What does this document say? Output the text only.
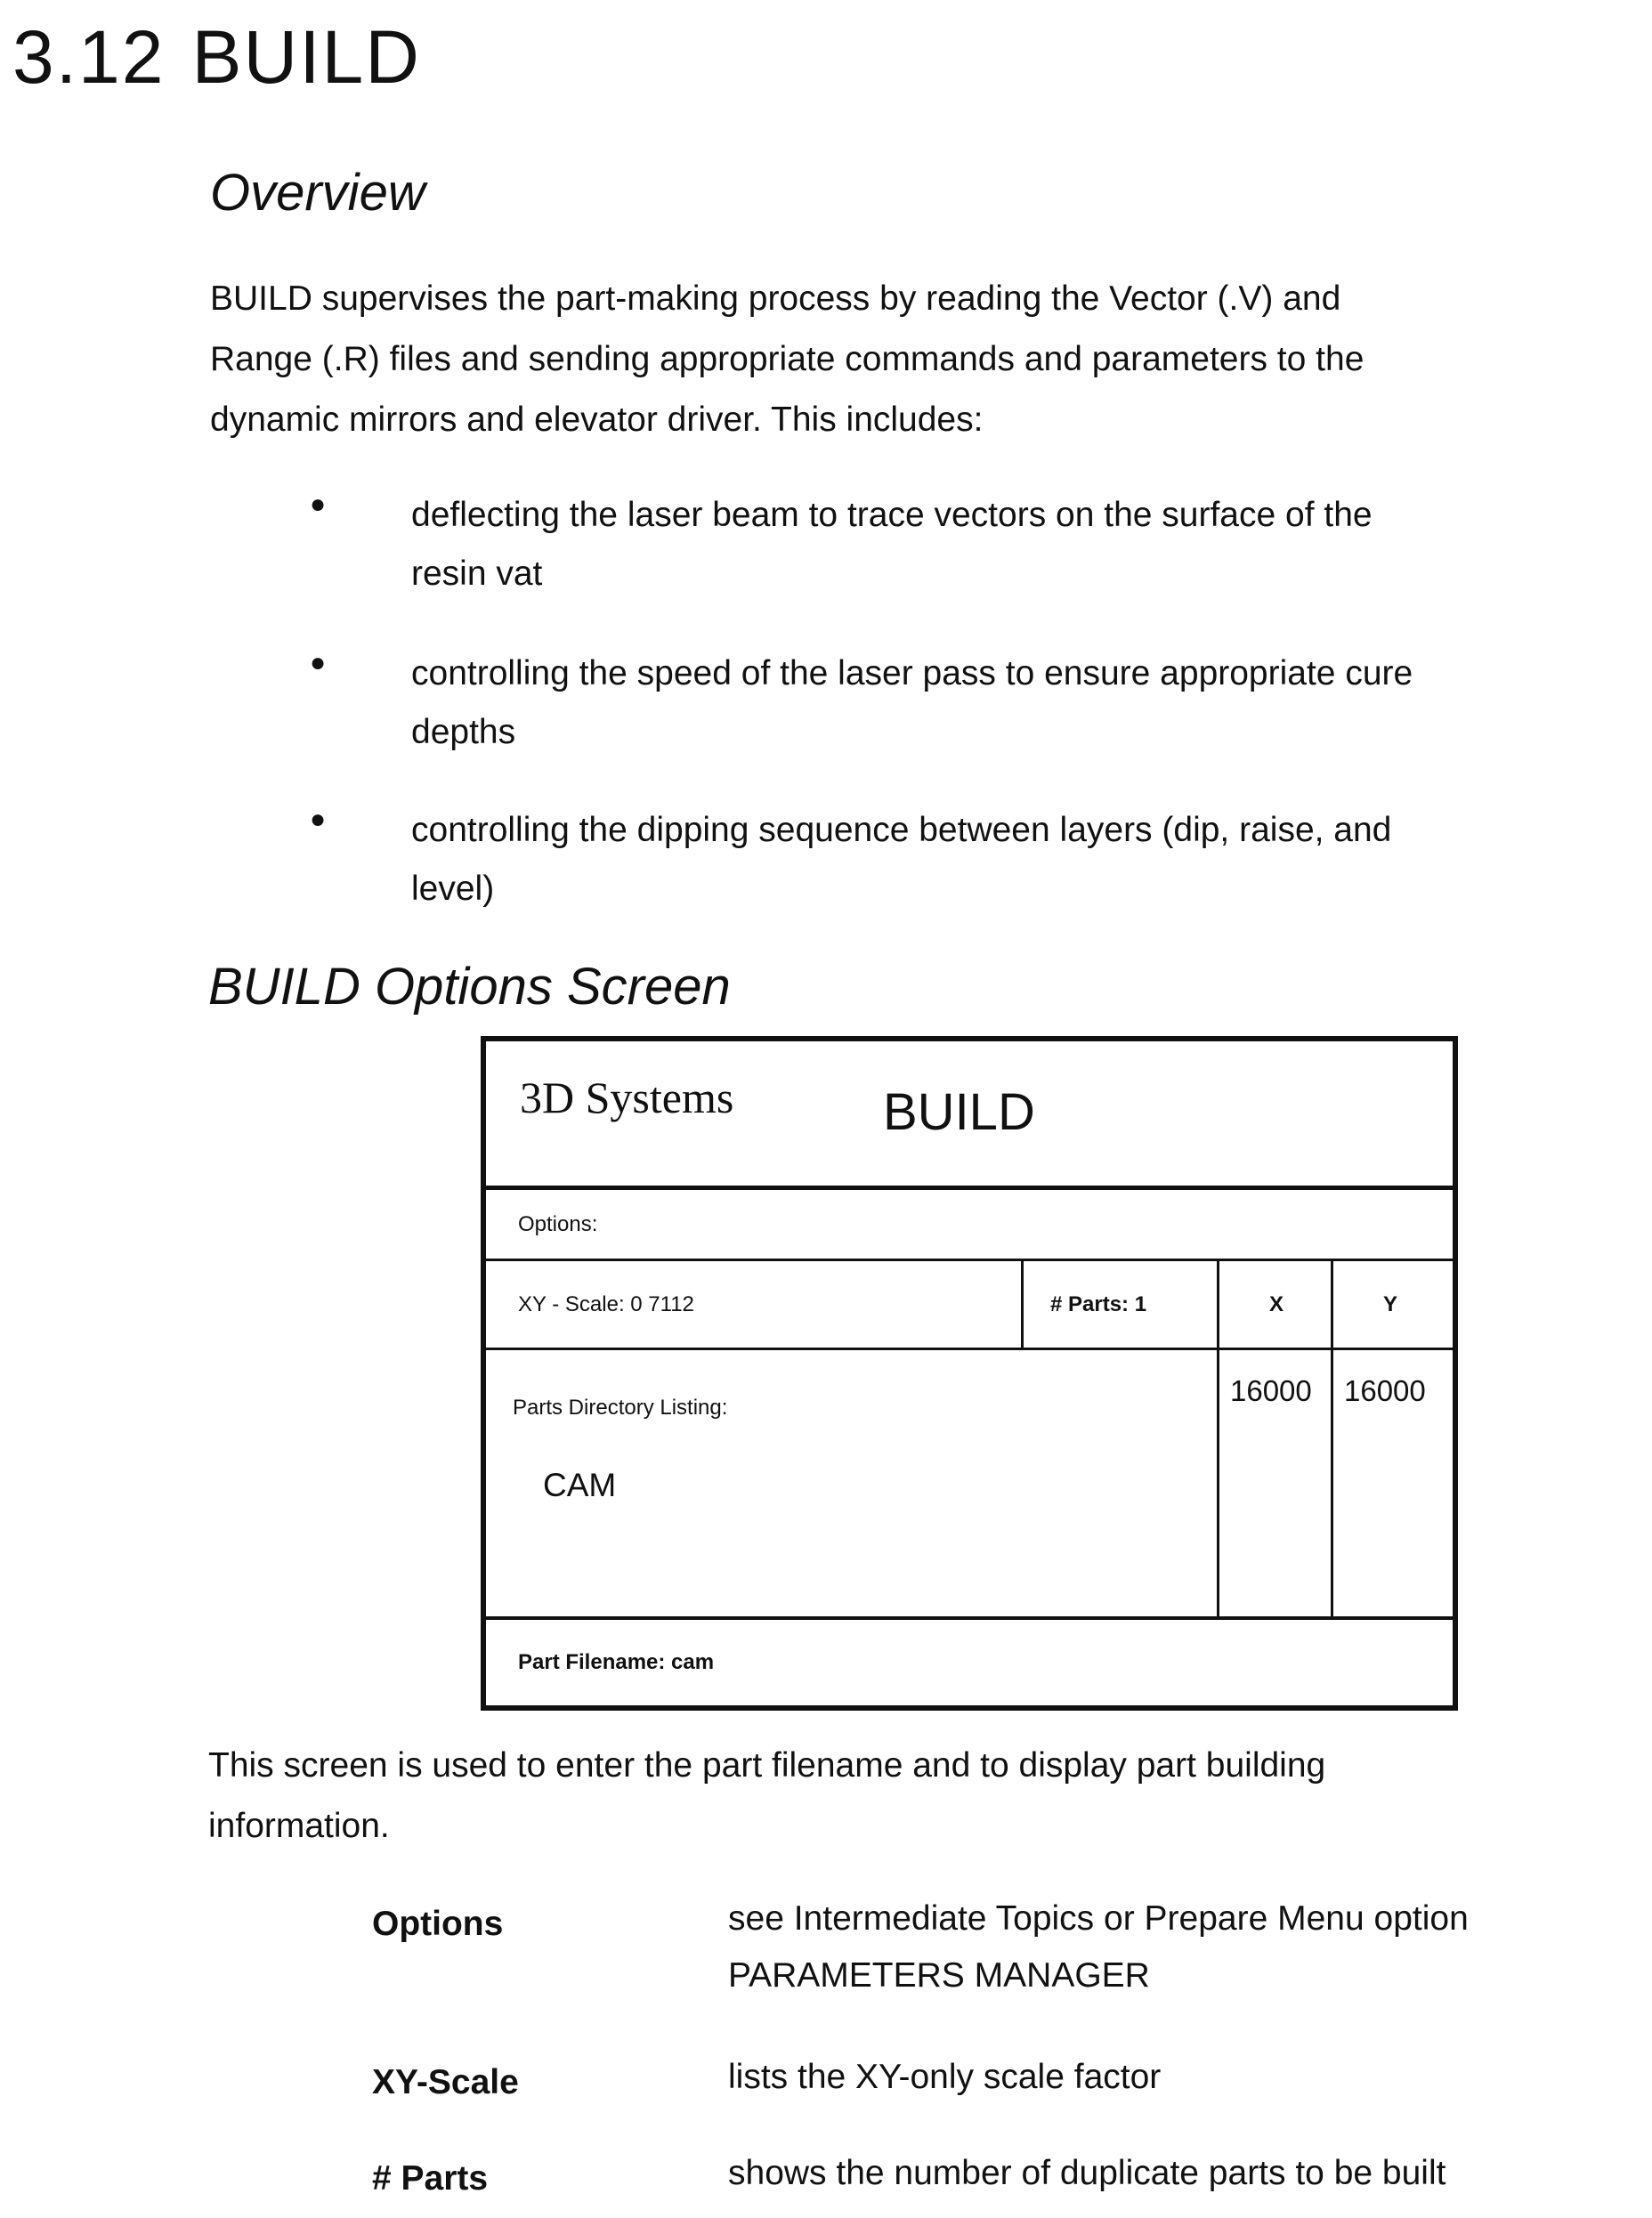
3.12 BUILD
Overview
BUILD supervises the part-making process by reading the Vector (.V) and
Range (.R) files and sending appropriate commands and parameters to the
dynamic mirrors and elevator driver. This includes:
● deflecting the laser beam to trace vectors on the surface of the
resin vat
● controlling the speed of the laser pass to ensure appropriate cure
depths
● controlling the dipping sequence between layers (dip, raise, and
level)
BUILD Options Screen
3D Systems	BUILD
Options:
XY - Scale: 0 7112	# Parts: 1	X	Y
Parts Directory Listing:
CAM
16000 16000
Part Filename: cam
This screen is used to enter the part filename and to display part building
information.
Options	see Intermediate Topics or Prepare Menu option
PARAMETERS MANAGER
XY-Scale	lists the XY-only scale factor
# Parts	shows the number of duplicate parts to be built
